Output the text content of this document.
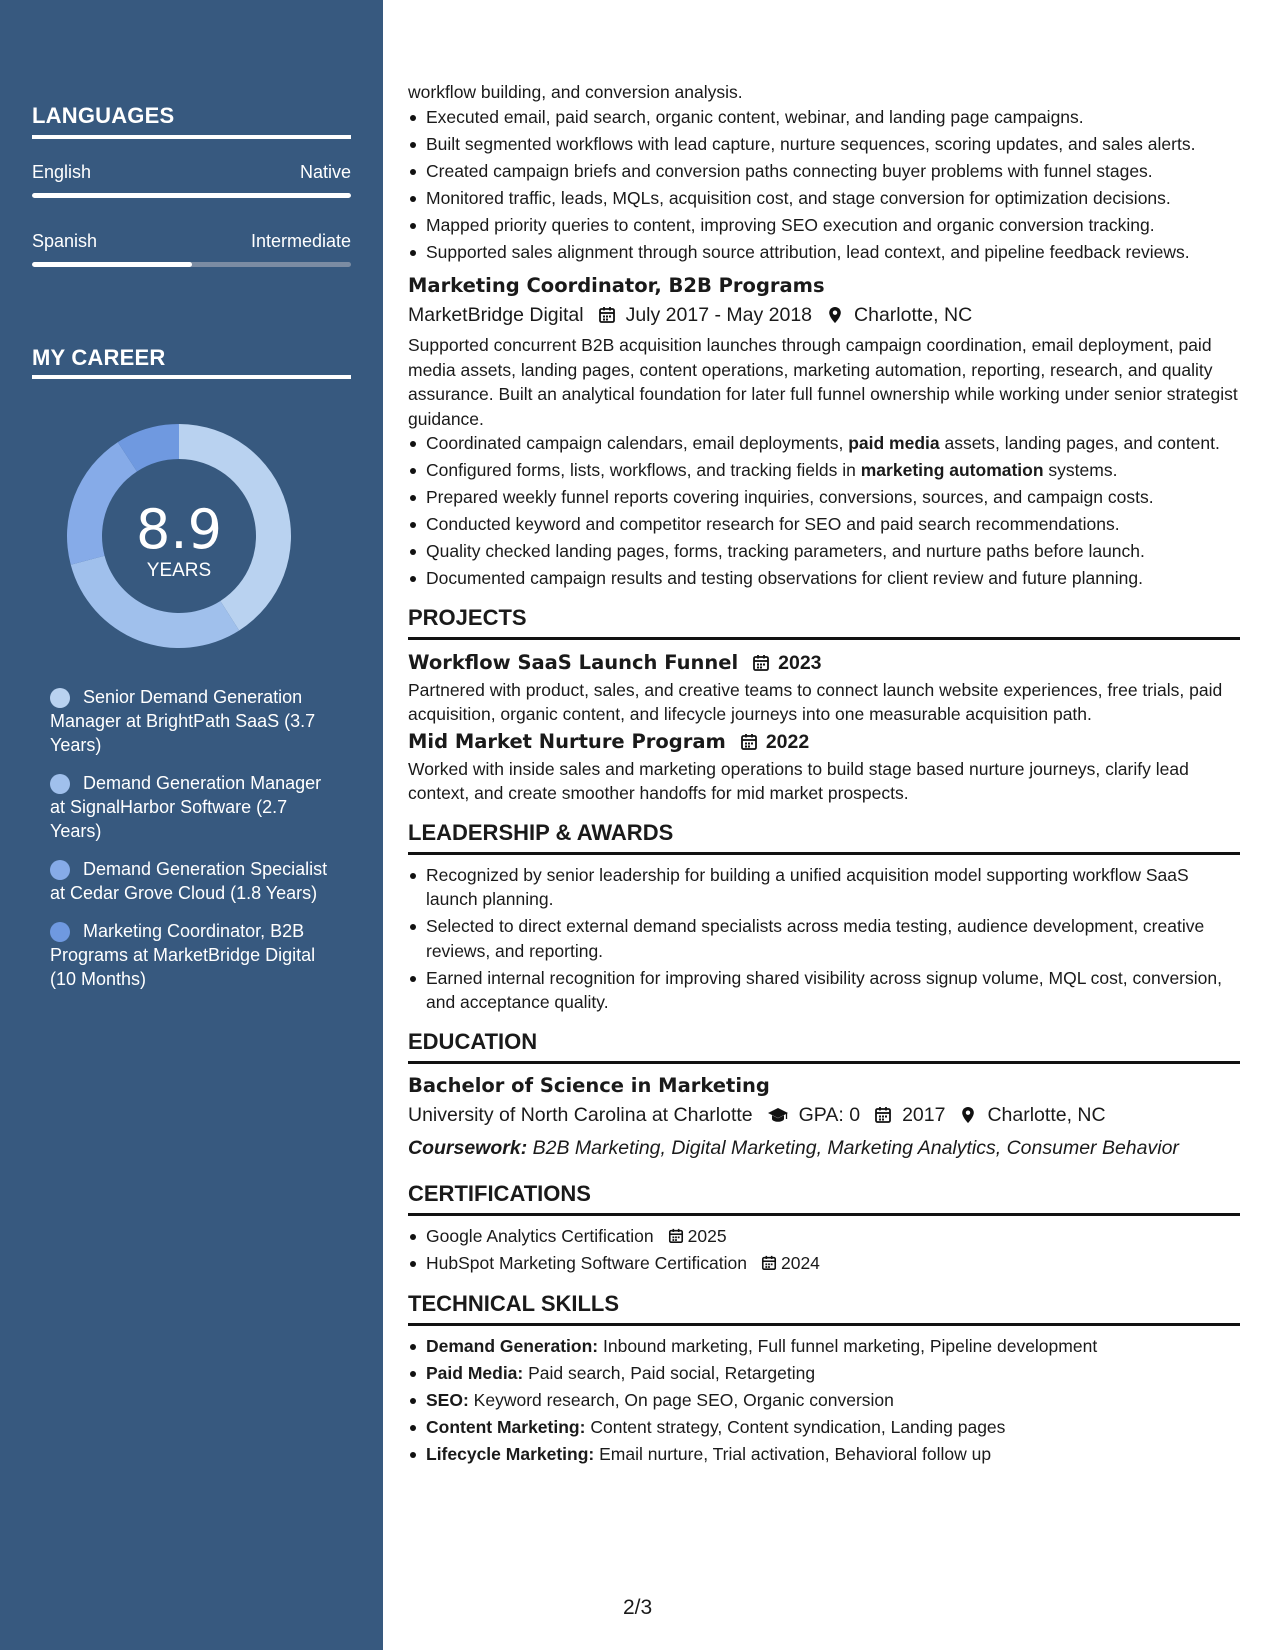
LANGUAGES
English	Native
Spanish	Intermediate
MY CAREER
8.9
YEARS
Senior Demand Generation Manager at BrightPath SaaS (3.7 Years)
Demand Generation Manager at SignalHarbor Software (2.7 Years)
Demand Generation Specialist at Cedar Grove Cloud (1.8 Years)
Marketing Coordinator, B2B Programs at MarketBridge Digital (10 Months)

workflow building, and conversion analysis.

Executed email, paid search, organic content, webinar, and landing page campaigns.
Built segmented workflows with lead capture, nurture sequences, scoring updates, and sales alerts.
Created campaign briefs and conversion paths connecting buyer problems with funnel stages.
Monitored traffic, leads, MQLs, acquisition cost, and stage conversion for optimization decisions.
Mapped priority queries to content, improving SEO execution and organic conversion tracking.
Supported sales alignment through source attribution, lead context, and pipeline feedback reviews.
Marketing Coordinator, B2B Programs
MarketBridge Digital July 2017 - May 2018 Charlotte, NC

Supported concurrent B2B acquisition launches through campaign coordination, email deployment, paid media assets, landing pages, content operations, marketing automation, reporting, research, and quality assurance. Built an analytical foundation for later full funnel ownership while working under senior strategist guidance.

Coordinated campaign calendars, email deployments, paid media assets, landing pages, and content.
Configured forms, lists, workflows, and tracking fields in marketing automation systems.
Prepared weekly funnel reports covering inquiries, conversions, sources, and campaign costs.
Conducted keyword and competitor research for SEO and paid search recommendations.
Quality checked landing pages, forms, tracking parameters, and nurture paths before launch.
Documented campaign results and testing observations for client review and future planning.
PROJECTS
Workflow SaaS Launch Funnel 2023

Partnered with product, sales, and creative teams to connect launch website experiences, free trials, paid acquisition, organic content, and lifecycle journeys into one measurable acquisition path.

Mid Market Nurture Program 2022

Worked with inside sales and marketing operations to build stage based nurture journeys, clarify lead context, and create smoother handoffs for mid market prospects.

LEADERSHIP & AWARDS
Recognized by senior leadership for building a unified acquisition model supporting workflow SaaS launch planning.
Selected to direct external demand specialists across media testing, audience development, creative reviews, and reporting.
Earned internal recognition for improving shared visibility across signup volume, MQL cost, conversion, and acceptance quality.
EDUCATION
Bachelor of Science in Marketing
University of North Carolina at Charlotte GPA: 0 2017 Charlotte, NC
Coursework: B2B Marketing, Digital Marketing, Marketing Analytics, Consumer Behavior
CERTIFICATIONS
Google Analytics Certification 2025
HubSpot Marketing Software Certification 2024
TECHNICAL SKILLS
Demand Generation: Inbound marketing, Full funnel marketing, Pipeline development
Paid Media: Paid search, Paid social, Retargeting
SEO: Keyword research, On page SEO, Organic conversion
Content Marketing: Content strategy, Content syndication, Landing pages
Lifecycle Marketing: Email nurture, Trial activation, Behavioral follow up
2/3
